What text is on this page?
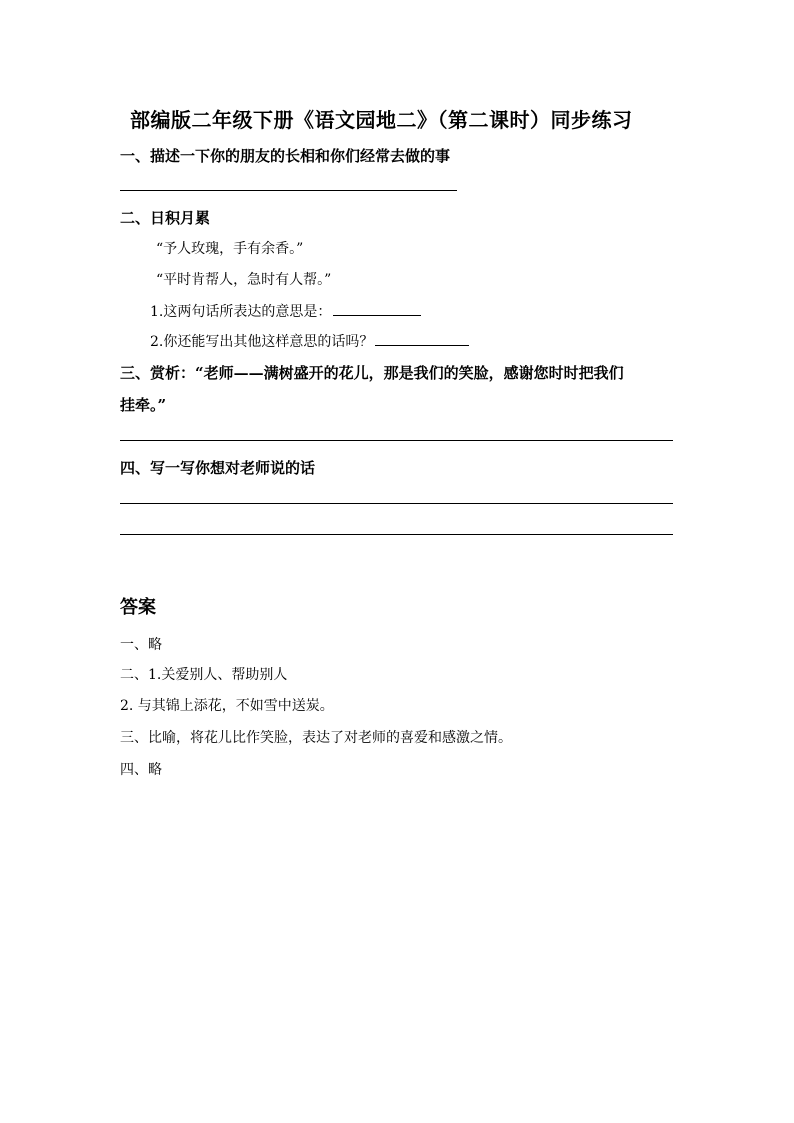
部编版二年级下册《语文园地二》（第二课时）同步练习
一、描述一下你的朋友的长相和你们经常去做的事
二、日积月累
“予人玫瑰，手有余香。”
“平时肯帮人，急时有人帮。”
1.这两句话所表达的意思是：
2.你还能写出其他这样意思的话吗？
三、赏析：“老师——满树盛开的花儿，那是我们的笑脸，感谢您时时把我们
挂牵。”
四、写一写你想对老师说的话
答案
一、略
二、1.关爱别人、帮助别人
2. 与其锦上添花，不如雪中送炭。
三、比喻，将花儿比作笑脸，表达了对老师的喜爱和感激之情。
四、略
